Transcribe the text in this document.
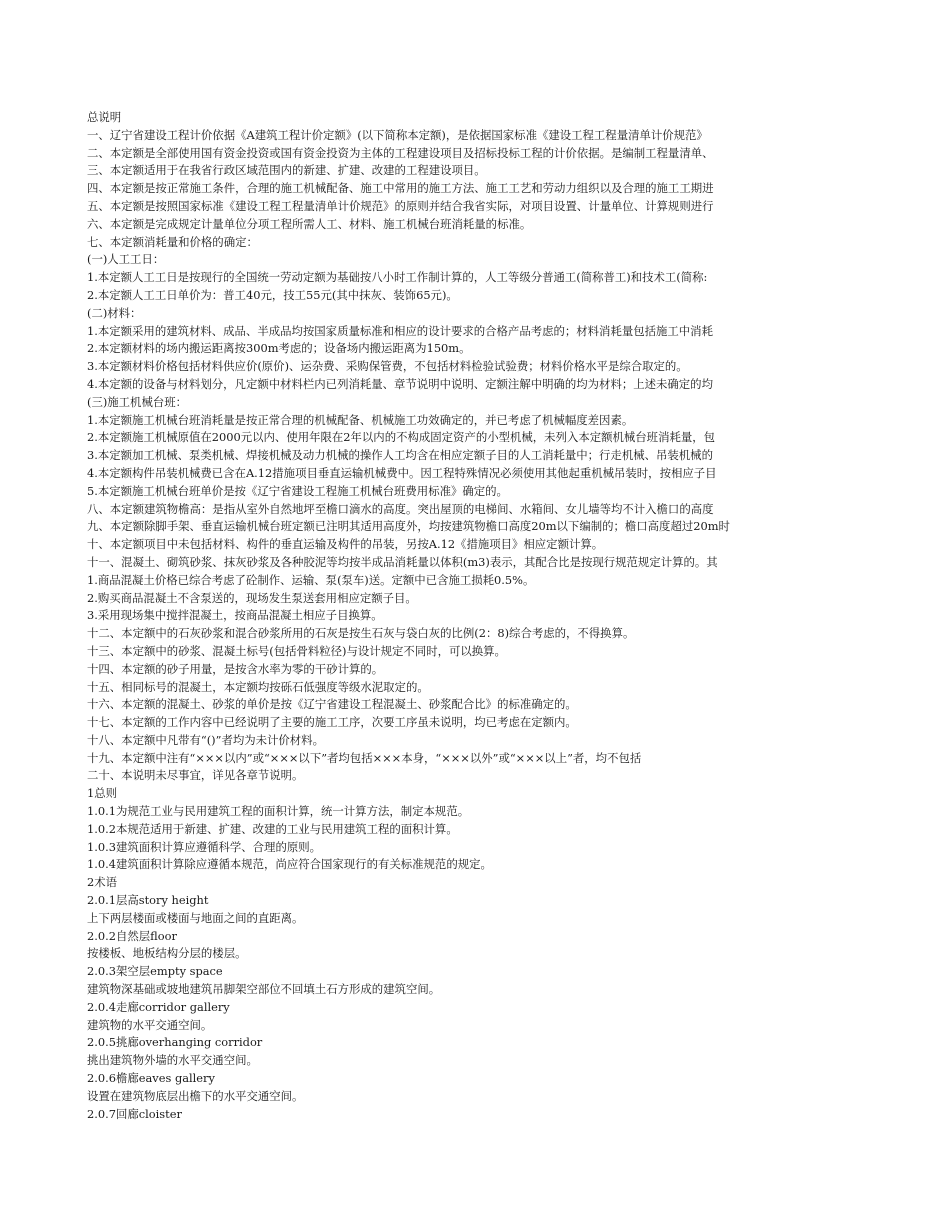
总说明
一、辽宁省建设工程计价依据《A建筑工程计价定额》(以下简称本定额)，是依据国家标准《建设工程工程量清单计价规范》
二、本定额是全部使用国有资金投资或国有资金投资为主体的工程建设项目及招标投标工程的计价依据。是编制工程量清单、
三、本定额适用于在我省行政区域范围内的新建、扩建、改建的工程建设项目。
四、本定额是按正常施工条件，合理的施工机械配备、施工中常用的施工方法、施工工艺和劳动力组织以及合理的施工工期进
五、本定额是按照国家标准《建设工程工程量清单计价规范》的原则并结合我省实际，对项目设置、计量单位、计算规则进行
六、本定额是完成规定计量单位分项工程所需人工、材料、施工机械台班消耗量的标准。
七、本定额消耗量和价格的确定：
(一)人工工日：
1.本定额人工工日是按现行的全国统一劳动定额为基础按八小时工作制计算的，人工等级分普通工(简称普工)和技术工(简称:
2.本定额人工工日单价为：普工40元，技工55元(其中抹灰、装饰65元)。
(二)材料：
1.本定额采用的建筑材料、成品、半成品均按国家质量标准和相应的设计要求的合格产品考虑的；材料消耗量包括施工中消耗
2.本定额材料的场内搬运距离按300m考虑的；设备场内搬运距离为150m。
3.本定额材料价格包括材料供应价(原价)、运杂费、采购保管费，不包括材料检验试验费；材料价格水平是综合取定的。
4.本定额的设备与材料划分，凡定额中材料栏内已列消耗量、章节说明中说明、定额注解中明确的均为材料；上述未确定的均
(三)施工机械台班：
1.本定额施工机械台班消耗量是按正常合理的机械配备、机械施工功效确定的，并已考虑了机械幅度差因素。
2.本定额施工机械原值在2000元以内、使用年限在2年以内的不构成固定资产的小型机械，未列入本定额机械台班消耗量，包
3.本定额加工机械、泵类机械、焊接机械及动力机械的操作人工均含在相应定额子目的人工消耗量中；行走机械、吊装机械的
4.本定额构件吊装机械费已含在A.12措施项目垂直运输机械费中。因工程特殊情况必须使用其他起重机械吊装时，按相应子目
5.本定额施工机械台班单价是按《辽宁省建设工程施工机械台班费用标准》确定的。
八、本定额建筑物檐高：是指从室外自然地坪至檐口滴水的高度。突出屋顶的电梯间、水箱间、女儿墙等均不计入檐口的高度
九、本定额除脚手架、垂直运输机械台班定额已注明其适用高度外，均按建筑物檐口高度20m以下编制的；檐口高度超过20m时
十、本定额项目中未包括材料、构件的垂直运输及构件的吊装，另按A.12《措施项目》相应定额计算。
十一、混凝土、砌筑砂浆、抹灰砂浆及各种胶泥等均按半成品消耗量以体积(m3)表示，其配合比是按现行规范规定计算的。其
1.商品混凝土价格已综合考虑了砼制作、运输、泵(泵车)送。定额中已含施工损耗0.5%。
2.购买商品混凝土不含泵送的，现场发生泵送套用相应定额子目。
3.采用现场集中搅拌混凝土，按商品混凝土相应子目换算。
十二、本定额中的石灰砂浆和混合砂浆所用的石灰是按生石灰与袋白灰的比例(2：8)综合考虑的，不得换算。
十三、本定额中的砂浆、混凝土标号(包括骨料粒径)与设计规定不同时，可以换算。
十四、本定额的砂子用量，是按含水率为零的干砂计算的。
十五、相同标号的混凝土，本定额均按砾石低强度等级水泥取定的。
十六、本定额的混凝土、砂浆的单价是按《辽宁省建设工程混凝土、砂浆配合比》的标准确定的。
十七、本定额的工作内容中已经说明了主要的施工工序，次要工序虽未说明，均已考虑在定额内。
十八、本定额中凡带有“()”者均为未计价材料。
十九、本定额中注有“×××以内”或“×××以下”者均包括×××本身，“×××以外”或“×××以上”者，均不包括
二十、本说明未尽事宜，详见各章节说明。
1总则
1.0.1为规范工业与民用建筑工程的面积计算，统一计算方法，制定本规范。
1.0.2本规范适用于新建、扩建、改建的工业与民用建筑工程的面积计算。
1.0.3建筑面积计算应遵循科学、合理的原则。
1.0.4建筑面积计算除应遵循本规范，尚应符合国家现行的有关标准规范的规定。
2术语
2.0.1层高story height
上下两层楼面或楼面与地面之间的直距离。
2.0.2自然层floor
按楼板、地板结构分层的楼层。
2.0.3架空层empty space
建筑物深基础或坡地建筑吊脚架空部位不回填土石方形成的建筑空间。
2.0.4走廊corridor gallery
建筑物的水平交通空间。
2.0.5挑廊overhanging corridor
挑出建筑物外墙的水平交通空间。
2.0.6檐廊eaves gallery
设置在建筑物底层出檐下的水平交通空间。
2.0.7回廊cloister
